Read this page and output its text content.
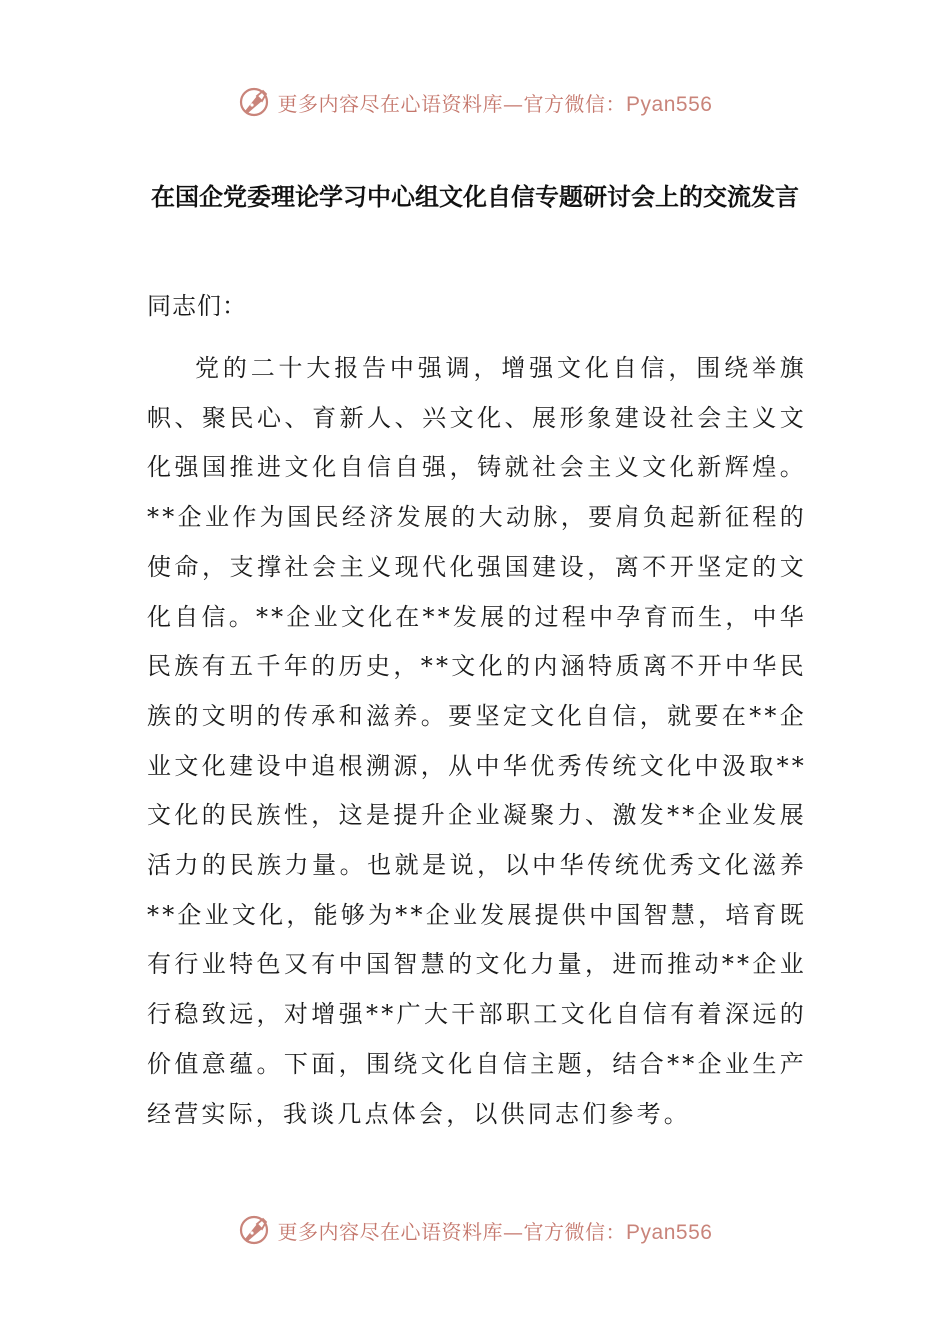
更多内容尽在心语资料库—官方微信：Pyan556
在国企党委理论学习中心组文化自信专题研讨会上的交流发言

同志们：

党的二十大报告中强调，增强文化自信，围绕举旗帜、聚民心、育新人、兴文化、展形象建设社会主义文化强国推进文化自信自强，铸就社会主义文化新辉煌。**企业作为国民经济发展的大动脉，要肩负起新征程的使命，支撑社会主义现代化强国建设，离不开坚定的文化自信。**企业文化在**发展的过程中孕育而生，中华民族有五千年的历史，**文化的内涵特质离不开中华民族的文明的传承和滋养。要坚定文化自信，就要在**企业文化建设中追根溯源，从中华优秀传统文化中汲取**文化的民族性，这是提升企业凝聚力、激发**企业发展活力的民族力量。也就是说，以中华传统优秀文化滋养**企业文化，能够为**企业发展提供中国智慧，培育既有行业特色又有中国智慧的文化力量，进而推动**企业行稳致远，对增强**广大干部职工文化自信有着深远的价值意蕴。下面，围绕文化自信主题，结合**企业生产经营实际，我谈几点体会，以供同志们参考。

更多内容尽在心语资料库—官方微信：Pyan556
